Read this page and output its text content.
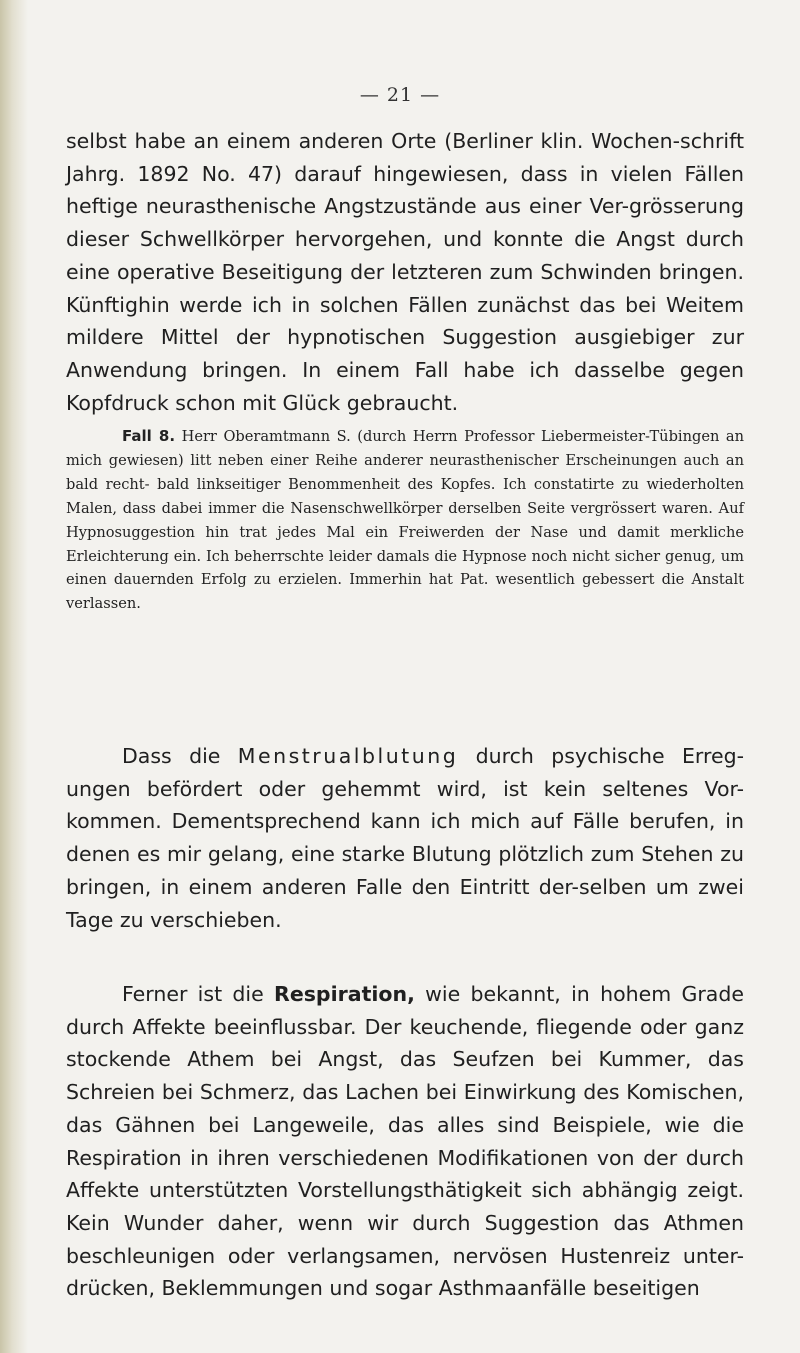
— 21 —

selbst habe an einem anderen Orte (Berliner klin. Wochen-schrift Jahrg. 1892 No. 47) darauf hingewiesen, dass in vielen Fällen heftige neurasthenische Angstzustände aus einer Ver-grösserung dieser Schwellkörper hervorgehen, und konnte die Angst durch eine operative Beseitigung der letzteren zum Schwinden bringen. Künftighin werde ich in solchen Fällen zunächst das bei Weitem mildere Mittel der hypnotischen Suggestion ausgiebiger zur Anwendung bringen. In einem Fall habe ich dasselbe gegen Kopfdruck schon mit Glück gebraucht.

Fall 8. Herr Oberamtmann S. (durch Herrn Professor Liebermeister-Tübingen an mich gewiesen) litt neben einer Reihe anderer neurasthenischer Erscheinungen auch an bald recht- bald linkseitiger Benommenheit des Kopfes. Ich constatirte zu wiederholten Malen, dass dabei immer die Nasenschwellkörper derselben Seite vergrössert waren. Auf Hypnosuggestion hin trat jedes Mal ein Freiwerden der Nase und damit merkliche Erleichterung ein. Ich beherrschte leider damals die Hypnose noch nicht sicher genug, um einen dauernden Erfolg zu erzielen. Immerhin hat Pat. wesentlich gebessert die Anstalt verlassen.

Dass die Menstrualblutung durch psychische Erreg-ungen befördert oder gehemmt wird, ist kein seltenes Vor-kommen. Dementsprechend kann ich mich auf Fälle berufen, in denen es mir gelang, eine starke Blutung plötzlich zum Stehen zu bringen, in einem anderen Falle den Eintritt der-selben um zwei Tage zu verschieben.

Ferner ist die Respiration, wie bekannt, in hohem Grade durch Affekte beeinflussbar. Der keuchende, fliegende oder ganz stockende Athem bei Angst, das Seufzen bei Kummer, das Schreien bei Schmerz, das Lachen bei Einwirkung des Komischen, das Gähnen bei Langeweile, das alles sind Beispiele, wie die Respiration in ihren verschiedenen Modifikationen von der durch Affekte unterstützten Vorstellungsthätigkeit sich abhängig zeigt. Kein Wunder daher, wenn wir durch Suggestion das Athmen beschleunigen oder verlangsamen, nervösen Hustenreiz unter-drücken, Beklemmungen und sogar Asthmaanfälle beseitigen
